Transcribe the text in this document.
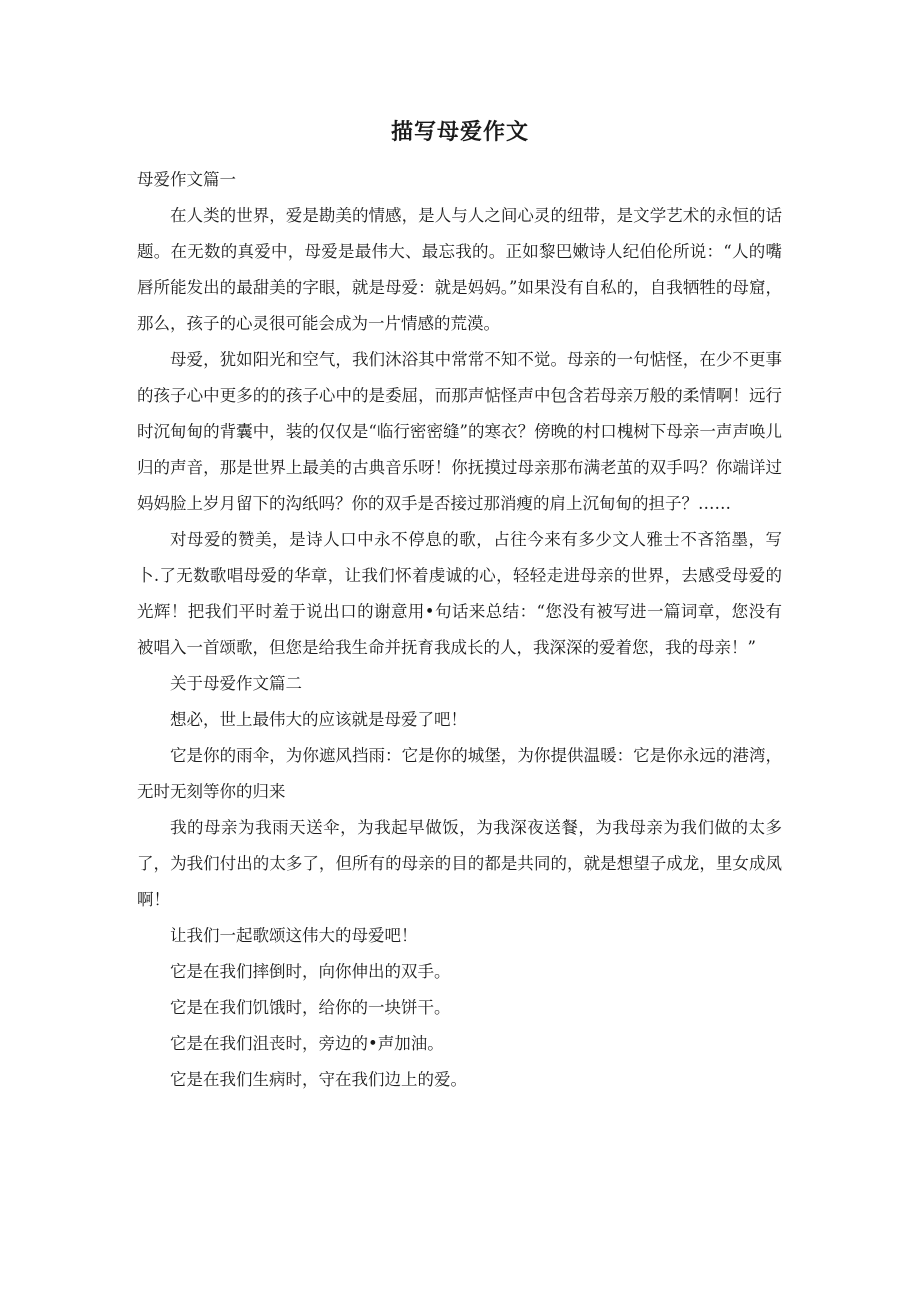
描写母爱作文

母爱作文篇一

在人类的世界，爱是勘美的情感，是人与人之间心灵的纽带，是文学艺术的永恒的话题。在无数的真爱中，母爱是最伟大、最忘我的。正如黎巴嫩诗人纪伯伦所说：“人的嘴唇所能发出的最甜美的字眼，就是母爱：就是妈妈。”如果没有自私的，自我牺牲的母窟，那么，孩子的心灵很可能会成为一片情感的荒漠。

母爱，犹如阳光和空气，我们沐浴其中常常不知不觉。母亲的一句惦怪，在少不更事的孩子心中更多的的孩子心中的是委屈，而那声惦怪声中包含若母亲万般的柔情啊！远行时沉甸甸的背囊中，装的仅仅是“临行密密缝”的寒衣？傍晚的村口槐树下母亲一声声唤儿归的声音，那是世界上最美的古典音乐呀！你抚摸过母亲那布满老茧的双手吗？你端详过妈妈脸上岁月留下的沟纸吗？你的双手是否接过那消瘦的肩上沉甸甸的担子？……

对母爱的赞美，是诗人口中永不停息的歌，占往今来有多少文人雅士不吝箔墨，写卜.了无数歌唱母爱的华章，让我们怀着虔诚的心，轻轻走进母亲的世界，去感受母爱的光辉！把我们平时羞于说出口的谢意用•句话来总结：“您没有被写进一篇词章，您没有被唱入一首颂歌，但您是给我生命并抚育我成长的人，我深深的爱着您，我的母亲！”

关于母爱作文篇二

想必，世上最伟大的应该就是母爱了吧！

它是你的雨伞，为你遮风挡雨：它是你的城堡，为你提供温暖：它是你永远的港湾，无时无刻等你的归来

我的母亲为我雨天送伞，为我起早做饭，为我深夜送餐，为我母亲为我们做的太多了，为我们付出的太多了，但所有的母亲的目的都是共同的，就是想望子成龙，里女成凤啊！

让我们一起歌颂这伟大的母爱吧！

它是在我们摔倒时，向你伸出的双手。

它是在我们饥饿时，给你的一块饼干。

它是在我们沮丧时，旁边的•声加油。

它是在我们生病时，守在我们边上的爱。
